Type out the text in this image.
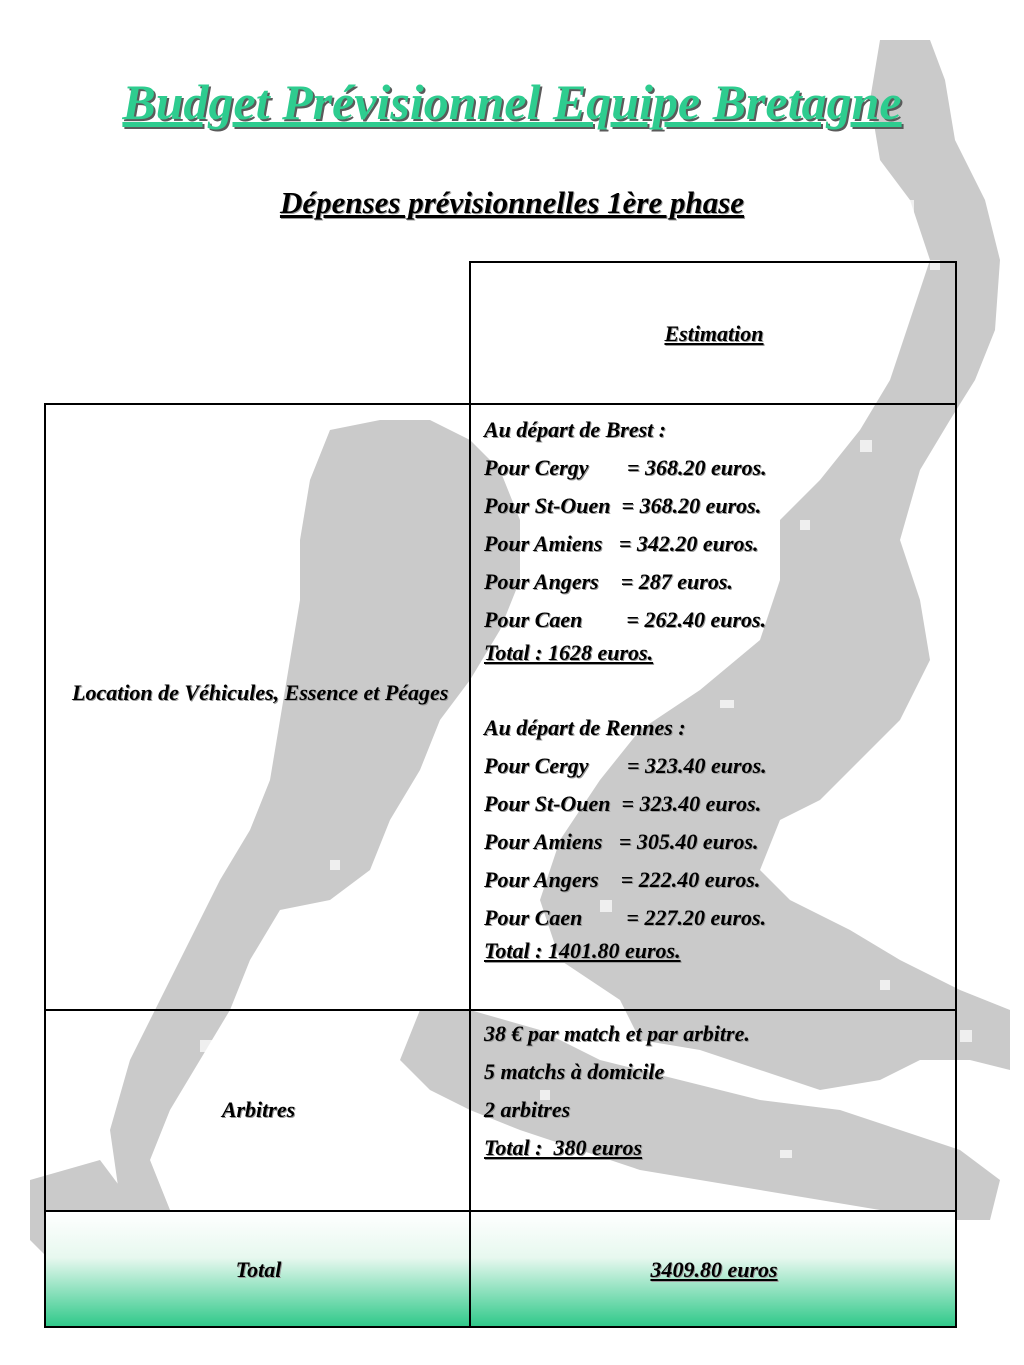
Budget Prévisionnel Equipe Bretagne
Dépenses prévisionnelles 1ère phase
Estimation
Location de Véhicules, Essence et Péages
Au départ de Brest :
Pour Cergy       = 368.20 euros.
Pour St-Ouen  = 368.20 euros.
Pour Amiens   = 342.20 euros.
Pour Angers    = 287 euros.
Pour Caen        = 262.40 euros.
Total : 1628 euros.
Au départ de Rennes :
Pour Cergy       = 323.40 euros.
Pour St-Ouen  = 323.40 euros.
Pour Amiens   = 305.40 euros.
Pour Angers    = 222.40 euros.
Pour Caen        = 227.20 euros.
Total : 1401.80 euros.
Arbitres
38 € par match et par arbitre.
5 matchs à domicile
2 arbitres
Total :  380 euros
Total	3409.80 euros
